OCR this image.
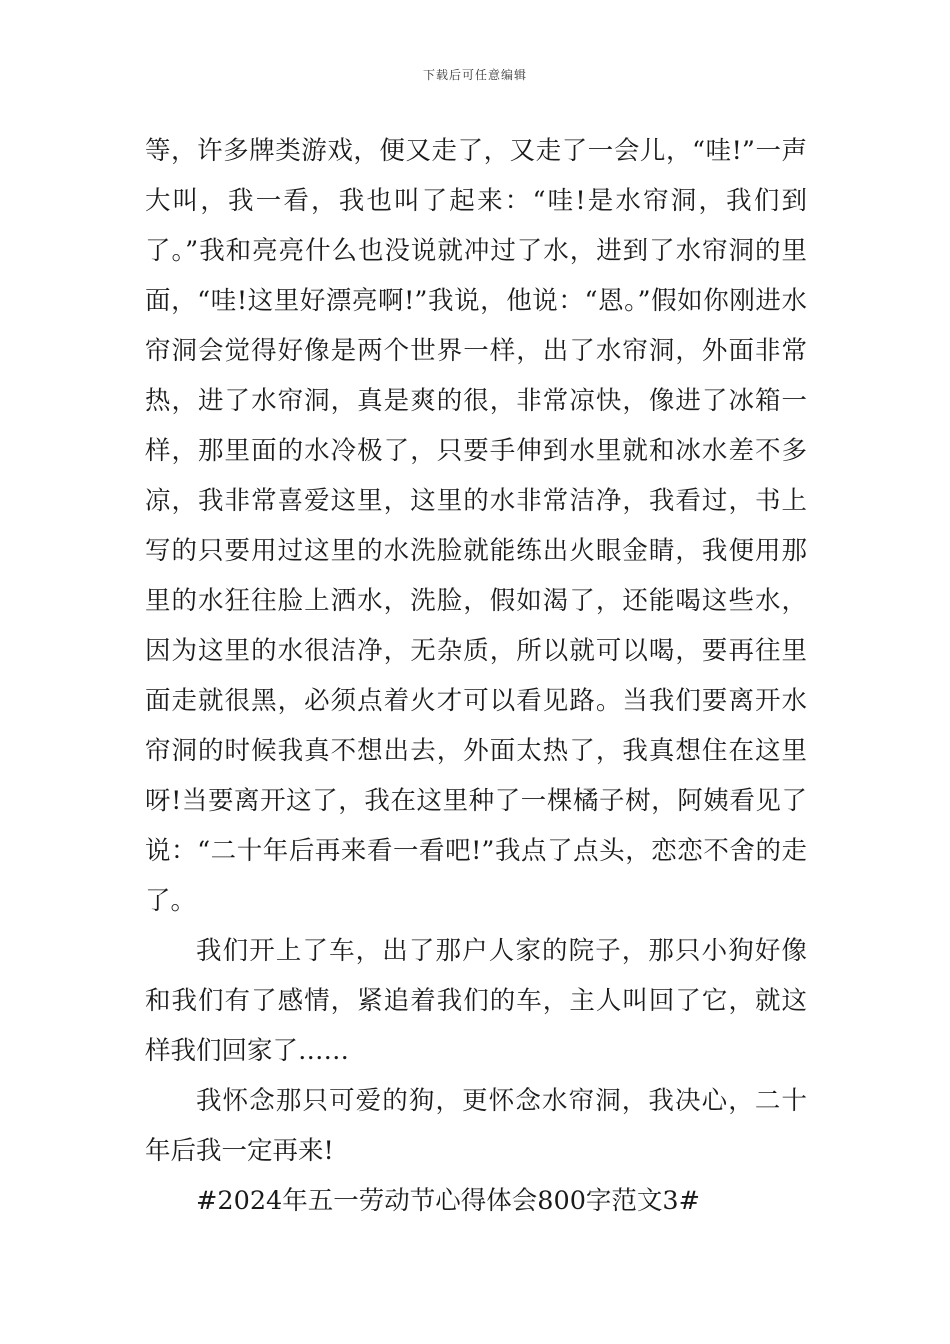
下载后可任意编辑

等，许多牌类游戏，便又走了，又走了一会儿，“哇!”一声大叫，我一看，我也叫了起来：“哇!是水帘洞，我们到了。”我和亮亮什么也没说就冲过了水，进到了水帘洞的里面，“哇!这里好漂亮啊!”我说，他说：“恩。”假如你刚进水帘洞会觉得好像是两个世界一样，出了水帘洞，外面非常热，进了水帘洞，真是爽的很，非常凉快，像进了冰箱一样，那里面的水冷极了，只要手伸到水里就和冰水差不多凉，我非常喜爱这里，这里的水非常洁净，我看过，书上写的只要用过这里的水洗脸就能练出火眼金睛，我便用那里的水狂往脸上洒水，洗脸，假如渴了，还能喝这些水，因为这里的水很洁净，无杂质，所以就可以喝，要再往里面走就很黑，必须点着火才可以看见路。当我们要离开水帘洞的时候我真不想出去，外面太热了，我真想住在这里呀!当要离开这了，我在这里种了一棵橘子树，阿姨看见了说：“二十年后再来看一看吧!”我点了点头，恋恋不舍的走了。

我们开上了车，出了那户人家的院子，那只小狗好像和我们有了感情，紧追着我们的车，主人叫回了它，就这样我们回家了……

我怀念那只可爱的狗，更怀念水帘洞，我决心，二十年后我一定再来!

#2024年五一劳动节心得体会800字范文3#
